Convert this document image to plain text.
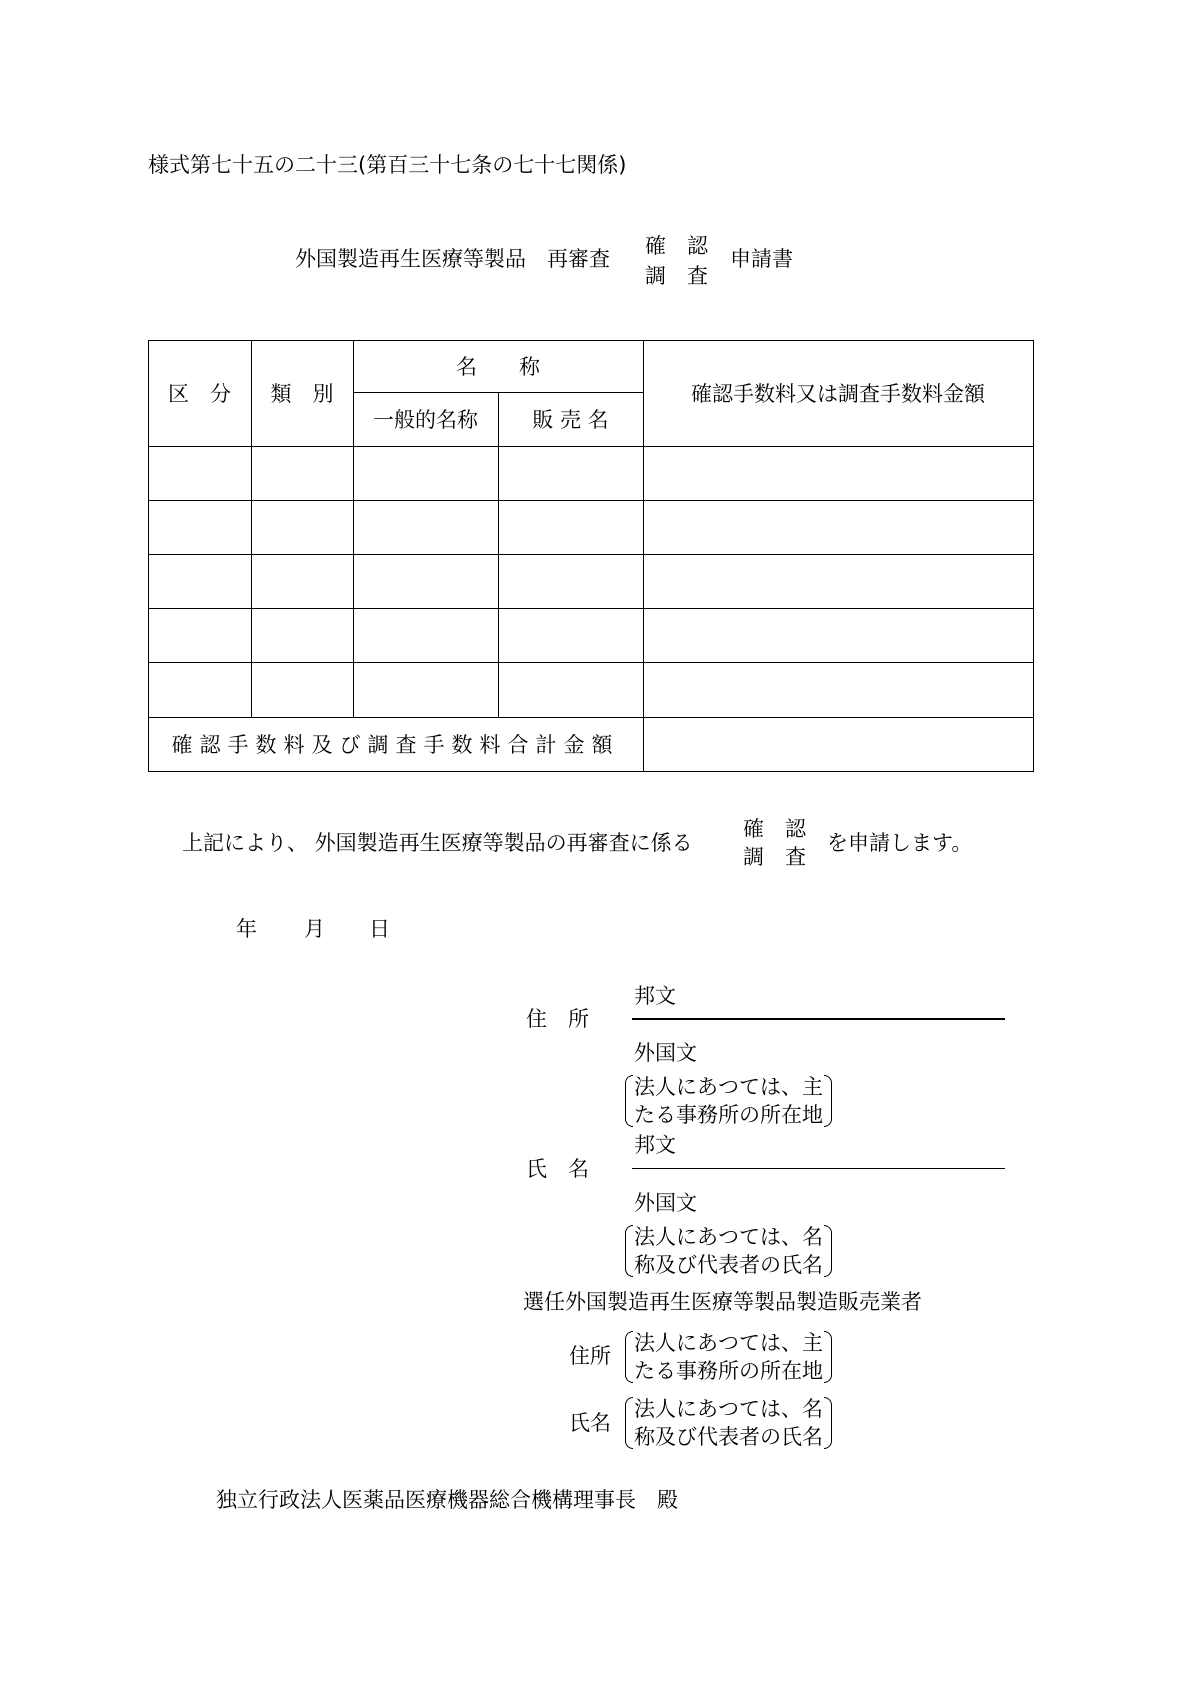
様式第七十五の二十三(第百三十七条の七十七関係)
外国製造再生医療等製品　再審査
確　認
調　査
申請書
区　分	類　別
名　　称
一般的名称	販 売 名
確認手数料又は調査手数料金額
確認手数料及び調査手数料合計金額
上記により、 外国製造再生医療等製品の再審査に係る
確　認
調　査
を申請します。
年 月 日
住　所
邦文
外国文
法人にあつては、主
たる事務所の所在地
氏　名
邦文
外国文
法人にあつては、名
称及び代表者の氏名
選任外国製造再生医療等製品製造販売業者
住所
法人にあつては、主
たる事務所の所在地
氏名
法人にあつては、名
称及び代表者の氏名
独立行政法人医薬品医療機器総合機構理事長　殿
